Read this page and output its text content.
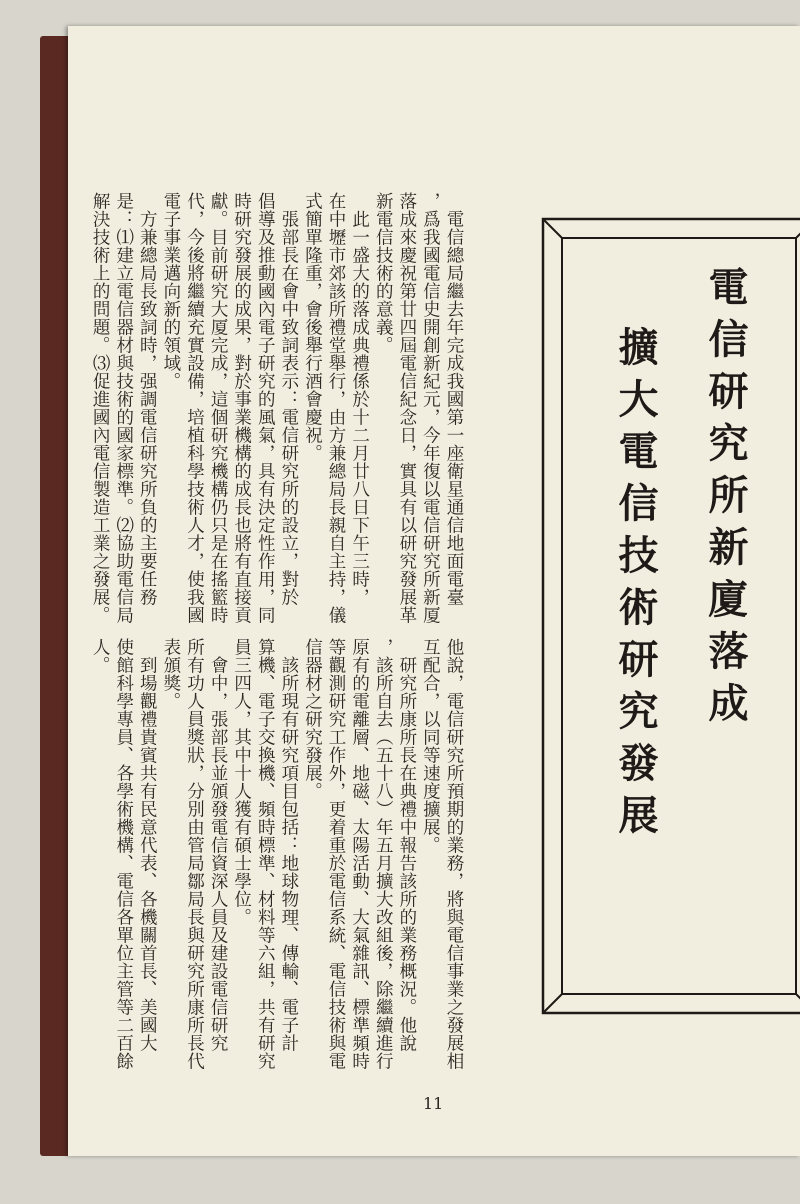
電信研究所新廈落成
擴大電信技術研究發展
　電信總局繼去年完成我國第一座衛星通信地面電臺
，爲我國電信史開創新紀元，今年復以電信研究所新厦
落成來慶祝第廿四屆電信紀念日，實具有以研究發展革
新電信技術的意義。
　此一盛大的落成典禮係於十二月廿八日下午三時，
在中壢市郊該所禮堂舉行，由方兼總局長親自主持，儀
式簡單隆重，會後舉行酒會慶祝。
　張部長在會中致詞表示：電信研究所的設立，對於
倡導及推動國內電子研究的風氣，具有決定性作用，同
時研究發展的成果，對於事業機構的成長也將有直接貢
獻。目前研究大厦完成，這個研究機構仍只是在搖籃時
代，今後將繼續充實設備，培植科學技術人才，使我國
電子事業邁向新的領域。
　方兼總局長致詞時，强調電信研究所負的主要任務
是：⑴建立電信器材與技術的國家標準。⑵協助電信局
解決技術上的問題。⑶促進國內電信製造工業之發展。
他說，電信研究所預期的業務，將與電信事業之發展相
互配合，以同等速度擴展。
　研究所康所長在典禮中報告該所的業務概況。他說
，該所自去（五十八）年五月擴大改組後，除繼續進行
原有的電離層、地磁、太陽活動、大氣雜訊、標準頻時
等觀測研究工作外，更着重於電信系統、電信技術與電
信器材之研究發展。
　該所現有研究項目包括：地球物理、傳輸、電子計
算機、電子交換機、頻時標準、材料等六組，共有研究
員三四人，其中十人獲有碩士學位。
　會中，張部長並頒發電信資深人員及建設電信研究
所有功人員獎狀，分別由管局鄒局長與研究所康所長代
表頒獎。
　到場觀禮貴賓共有民意代表、各機關首長、美國大
使館科學專員、各學術機構、電信各單位主管等二百餘
人。
11
